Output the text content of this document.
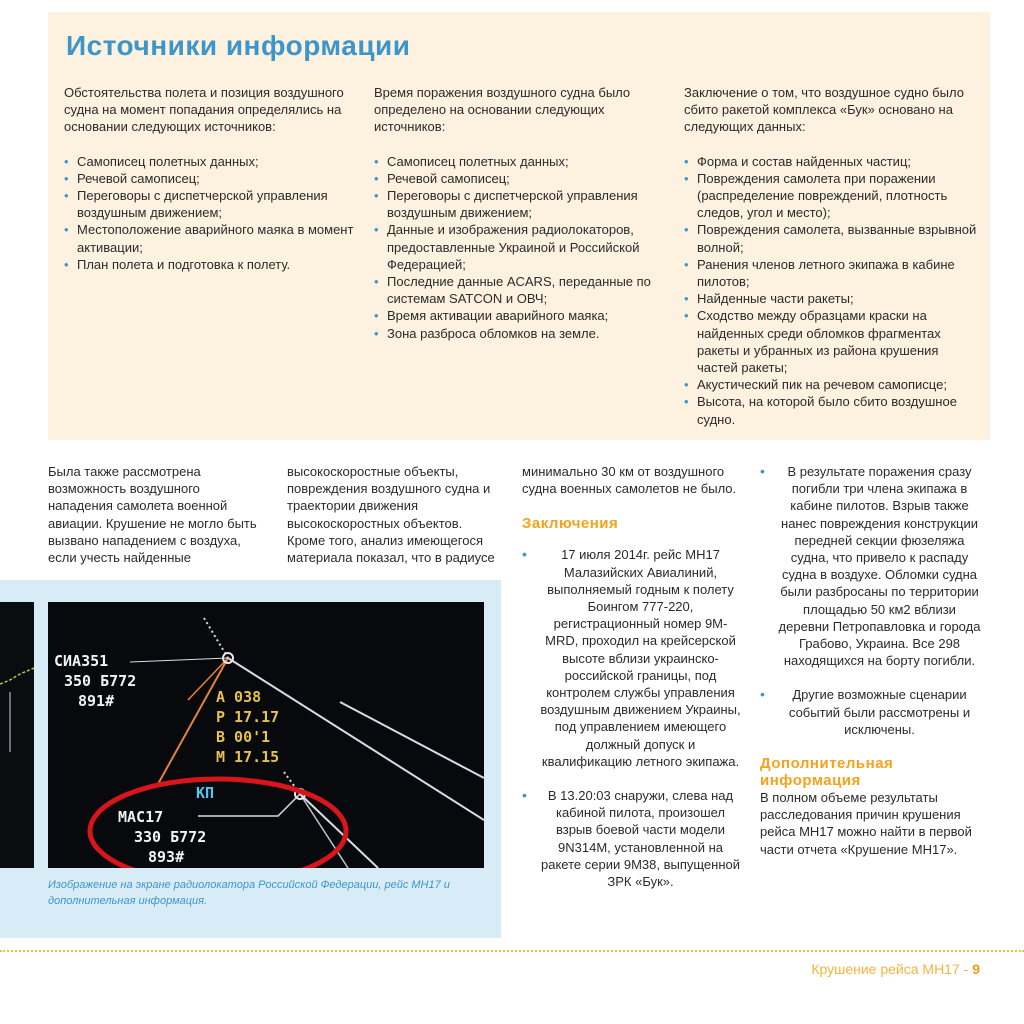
Источники информации

Обстоятельства полета и позиция воздушного судна на момент попадания определялись на основании следующих источников:

• Самописец полетных данных;
• Речевой самописец;
• Переговоры с диспетчерской управления воздушным движением;
• Местоположение аварийного маяка в момент активации;
• План полета и подготовка к полету.

Время поражения воздушного судна было определено на основании следующих источников:

• Самописец полетных данных;
• Речевой самописец;
• Переговоры с диспетчерской управления воздушным движением;
• Данные и изображения радиолокаторов, предоставленные Украиной и Российской Федерацией;
• Последние данные ACARS, переданные по системам SATCON и ОВЧ;
• Время активации аварийного маяка;
• Зона разброса обломков на земле.

Заключение о том, что воздушное судно было сбито ракетой комплекса «Бук» основано на следующих данных:

• Форма и состав найденных частиц;
• Повреждения самолета при поражении (распределение повреждений, плотность следов, угол и место);
• Повреждения самолета, вызванные взрывной волной;
• Ранения членов летного экипажа в кабине пилотов;
• Найденные части ракеты;
• Сходство между образцами краски на найденных среди обломков фрагментах ракеты и убранных из района крушения частей ракеты;
• Акустический пик на речевом самописце;
• Высота, на которой было сбито воздушное судно.

Была также рассмотрена возможность воздушного нападения самолета военной авиации. Крушение не могло быть вызвано нападением с воздуха, если учесть найденные

высокоскоростные объекты, повреждения воздушного судна и траектории движения высокоскоростных объектов. Кроме того, анализ имеющегося материала показал, что в радиусе

минимально 30 км от воздушного судна военных самолетов не было.

Заключения
• 17 июля 2014г. рейс МН17 Малазийских Авиалиний, выполняемый годным к полету Боингом 777-220, регистрационный номер 9M-MRD, проходил на крейсерской высоте вблизи украинско-российской границы, под контролем службы управления воздушным движением Украины, под управлением имеющего должный допуск и квалификацию летного экипажа.
• В 13.20:03 снаружи, слева над кабиной пилота, произошел взрыв боевой части модели 9N314M, установленной на ракете серии 9М38, выпущенной ЗРК «Бук».
• В результате поражения сразу погибли три члена экипажа в кабине пилотов. Взрыв также нанес повреждения конструкции передней секции фюзеляжа судна, что привело к распаду судна в воздухе. Обломки судна были разбросаны по территории площадью 50 км2 вблизи деревни Петропавловка и города Грабово, Украина. Все 298 находящихся на борту погибли.
• Другие возможные сценарии событий были рассмотрены и исключены.
Дополнительная информация

В полном объеме результаты расследования причин крушения рейса МН17 можно найти в первой части отчета «Крушение МН17».

СИА351
350 Б772
891#	А 038
Р 17.17
В 00'1
М 17.15
КП
МАС17
330 Б772
893#
Изображение на экране радиолокатора Российской Федерации, рейс МН17 и дополнительная информация.
Крушение рейса МН17 - 9
